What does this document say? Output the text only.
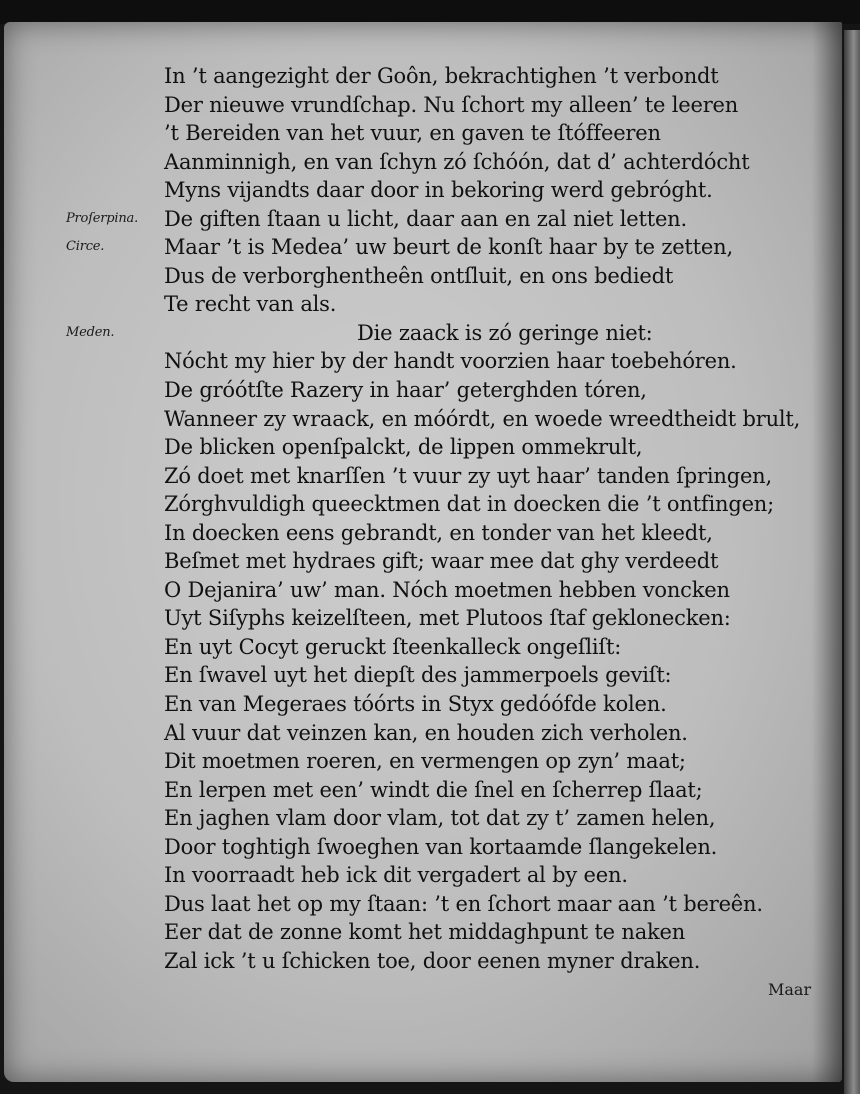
In ’t aangezight der Goôn, bekrachtighen ’t verbondt
Der nieuwe vrundſchap. Nu ſchort my alleen’ te leeren
’t Bereiden van het vuur, en gaven te ſtóffeeren
Aanminnigh, en van ſchyn zó ſchóón, dat d’ achterdócht
Myns vijandts daar door in bekoring werd gebróght.
Proſerpina. De giften ſtaan u licht, daar aan en zal niet letten.
Circe.	Maar ’t is Medea’ uw beurt de konſt haar by te zetten,
Dus de verborghentheên ontſluit, en ons bediedt
Te recht van als.
Meden.	Die zaack is zó geringe niet:
Nócht my hier by der handt voorzien haar toebehóren.
De gróótſte Razery in haar’ geterghden tóren,
Wanneer zy wraack, en móórdt, en woede wreedtheidt brult,
De blicken openſpalckt, de lippen ommekrult,
Zó doet met knarſſen ’t vuur zy uyt haar’ tanden ſpringen,
Zórghvuldigh queecktmen dat in doecken die ’t ontfingen;
In doecken eens gebrandt, en tonder van het kleedt,
Beſmet met hydraes gift; waar mee dat ghy verdeedt
O Dejanira’ uw’ man. Nóch moetmen hebben voncken
Uyt Siſyphs keizelſteen, met Plutoos ſtaf geklonecken:
En uyt Cocyt geruckt ſteenkalleck ongeſliſt:
En ſwavel uyt het diepſt des jammerpoels geviſt:
En van Megeraes tóórts in Styx gedóófde kolen.
Al vuur dat veinzen kan, en houden zich verholen.
Dit moetmen roeren, en vermengen op zyn’ maat;
En lerpen met een’ windt die ſnel en ſcherrep ſlaat;
En jaghen vlam door vlam, tot dat zy t’ zamen helen,
Door toghtigh ſwoeghen van kortaamde ſlangekelen.
In voorraadt heb ick dit vergadert al by een.
Dus laat het op my ſtaan: ’t en ſchort maar aan ’t bereên.
Eer dat de zonne komt het middaghpunt te naken
Zal ick ’t u ſchicken toe, door eenen myner draken.
Maar
